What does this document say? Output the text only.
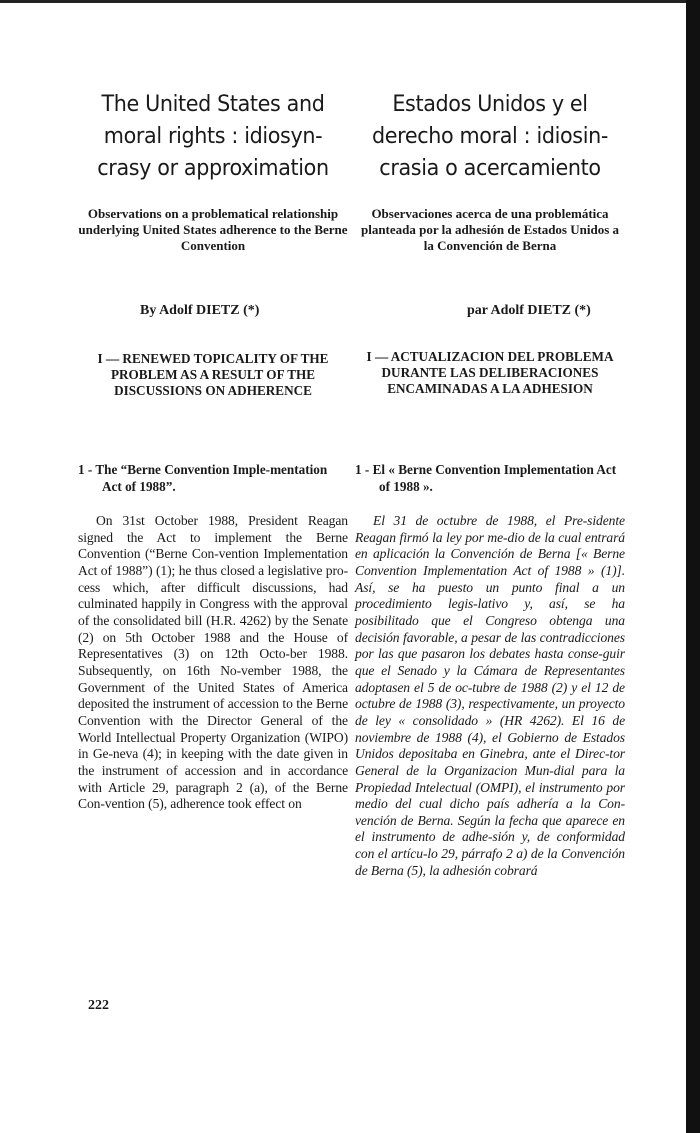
The United States and moral rights : idiosyn-crasy or approximation
Observations on a problematical relationship underlying United States adherence to the Berne Convention
By Adolf DIETZ (*)
I — RENEWED TOPICALITY OF THE PROBLEM AS A RESULT OF THE DISCUSSIONS ON ADHERENCE
1 - The “Berne Convention Imple-mentation Act of 1988”.
On 31st October 1988, President Reagan signed the Act to implement the Berne Convention (“Berne Con-vention Implementation Act of 1988”) (1); he thus closed a legislative pro-cess which, after difficult discussions, had culminated happily in Congress with the approval of the consolidated bill (H.R. 4262) by the Senate (2) on 5th October 1988 and the House of Representatives (3) on 12th Octo-ber 1988. Subsequently, on 16th No-vember 1988, the Government of the United States of America deposited the instrument of accession to the Berne Convention with the Director General of the World Intellectual Property Organization (WIPO) in Ge-neva (4); in keeping with the date given in the instrument of accession and in accordance with Article 29, paragraph 2 (a), of the Berne Con-vention (5), adherence took effect on
Estados Unidos y el derecho moral : idiosin-crasia o acercamiento
Observaciones acerca de una problemática planteada por la adhesión de Estados Unidos a la Convención de Berna
par Adolf DIETZ (*)
I — ACTUALIZACION DEL PROBLEMA DURANTE LAS DELIBERACIONES ENCAMINADAS A LA ADHESION
1 - El « Berne Convention Implementation Act of 1988 ».
El 31 de octubre de 1988, el Pre-sidente Reagan firmó la ley por me-dio de la cual entrará en aplicación la Convención de Berna [« Berne Convention Implementation Act of 1988 » (1)]. Así, se ha puesto un punto final a un procedimiento legis-lativo y, así, se ha posibilitado que el Congreso obtenga una decisión favorable, a pesar de las contradicciones por las que pasaron los debates hasta conse-guir que el Senado y la Cámara de Representantes adoptasen el 5 de oc-tubre de 1988 (2) y el 12 de octubre de 1988 (3), respectivamente, un proyecto de ley « consolidado » (HR 4262). El 16 de noviembre de 1988 (4), el Gobierno de Estados Unidos depositaba en Ginebra, ante el Direc-tor General de la Organizacion Mun-dial para la Propiedad Intelectual (OMPI), el instrumento por medio del cual dicho país adhería a la Con-vención de Berna. Según la fecha que aparece en el instrumento de adhe-sión y, de conformidad con el artícu-lo 29, párrafo 2 a) de la Convención de Berna (5), la adhesión cobrará
222
